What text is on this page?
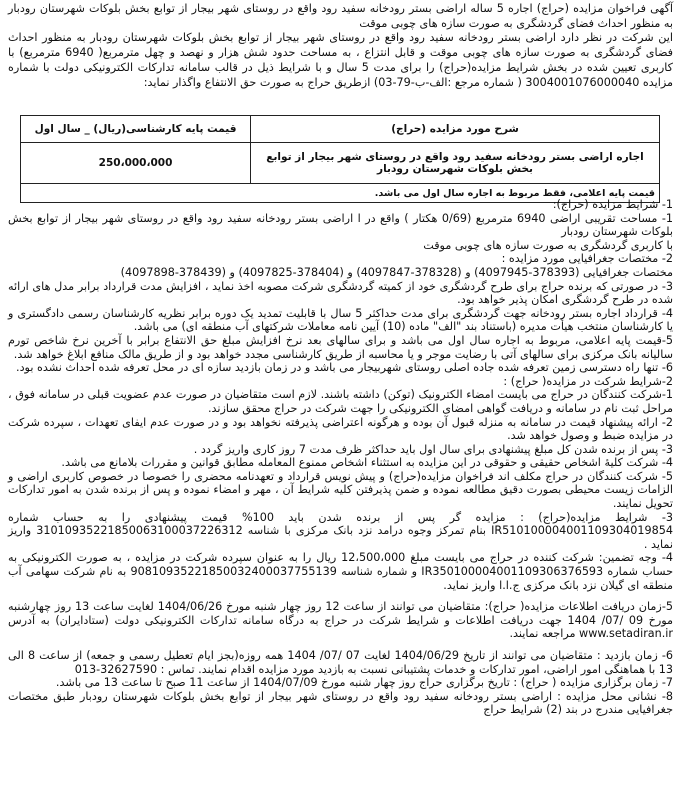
آگهی فراخوان مزایده (حراج) اجاره 5 ساله اراضی بستر رودخانه سفید رود واقع در روستای شهر بیجار از توابع بخش بلوکات شهرستان رودبار به منظور احداث فضای گردشگری به صورت سازه های چوبی موقت

این شرکت در نظر دارد اراضی بستر رودخانه سفید رود واقع در روستای شهر بیجار از توابع بخش بلوکات شهرستان رودبار به منظور احداث فضای گردشگری به صورت سازه های چوبی موقت و قابل انتزاع ، به مساحت حدود شش هزار و نهصد و چهل مترمربع( 6940 مترمربع) با کاربری تعیین شده در بخش شرایط مزایده(حراج) را برای مدت 5 سال و با شرایط ذیل در قالب سامانه تدارکات الکترونیکی دولت با شماره مزایده 3004001076000040 ( شماره مرجع :الف-ب-79-03) ازطریق حراج به صورت حق الانتفاع واگذار نماید:

شرح مورد مزایده (حراج)	قیمت پایه کارشناسی(ریال) _ سال اول
اجاره اراضی بستر رودخانه سفید رود واقع در روستای شهر بیجار از توابع بخش بلوکات شهرستان رودبار	250،000،000
قیمت پایه اعلامی، فقط مربوط به اجاره سال اول می باشد.	

1- شرایط مزایده (حراج):

1- مساحت تقریبی اراضی 6940 مترمربع (0/69 هکتار ) واقع در ا اراضی بستر رودخانه سفید رود واقع در روستای شهر بیجار از توابع بخش بلوکات شهرستان رودبار

با کاربری گردشگری به صورت سازه های چوبی موقت

2- مختصات جغرافیایی مورد مزایده :

مختصات جغرافیایی (378393-4097945) و (378328-4097847) و (378404-4097825) و (378439-4097898)

3- در صورتی که برنده حراج برای طرح گردشگری خود از کمیته گردشگری شرکت مصوبه اخذ نماید ، افزایش مدت قرارداد برابر مدل های ارائه شده در طرح گردشگری امکان پذیر خواهد بود.

4- قرارداد اجاره بستر رودخانه جهت گردشگری برای مدت حداکثر 5 سال با قابلیت تمدید یک دوره برابر نظریه کارشناسان رسمی دادگستری و یا کارشناسان منتخب هیأت مدیره (باستناد بند "الف" ماده (10) آیین نامه معاملات شرکتهای آب منطقه ای) می باشد.

5-قیمت پایه اعلامی، مربوط به اجاره سال اول می باشد و برای سالهای بعد نرخ افزایش مبلغ حق الانتفاع برابر با آخرین نرخ شاخص تورم سالیانه بانک مرکزی برای سالهای آتی با رضایت موجر و یا محاسبه از طریق کارشناسی مجدد خواهد بود و از طریق مالک منافع ابلاغ خواهد شد.

6- تنها راه دسترسی زمین تعرفه شده جاده اصلی روستای شهربیجار می باشد و در زمان بازدید سازه ای در محل تعرفه شده احداث نشده بود.

2-شرایط شرکت در مزایده( حراج) :

1-شرکت کنندگان در حراج می بایست امضاء الکترونیک (توکن) داشته باشند. لازم است متقاضیان در صورت عدم عضویت قبلی در سامانه فوق ، مراحل ثبت نام در سامانه و دریافت گواهی امضای الکترونیکی را جهت شرکت در حراج محقق سازند.

2- ارائه پیشنهاد قیمت در سامانه به منزله قبول آن بوده و هرگونه اعتراضی پذیرفته نخواهد بود و در صورت عدم ایفای تعهدات ، سپرده شرکت در مزایده ضبط و وصول خواهد شد.

3- پس از برنده شدن کل مبلغ پیشنهادی برای سال اول باید حداکثر ظرف مدت 7 روز کاری واریز گردد .

4- شرکت کلیهٔ اشخاص حقیقی و حقوقی در این مزایده به استثناء اشخاص ممنوع المعامله مطابق قوانین و مقررات بلامانع می باشد.

5- شرکت کنندگان در حراج مکلف اند فراخوان مزایده(حراج) و پیش نویس قرارداد و تعهدنامه محضری را خصوصا در خصوص کاربری اراضی و الزامات زیست محیطی بصورت دقیق مطالعه نموده و ضمن پذیرفتن کلیه شرایط آن ، مهر و امضاء نموده و پس از برنده شدن به امور تدارکات تحویل نمایند.

3- شرایط مزایده(حراج) : مزایده گر پس از برنده شدن باید 100% قیمت پیشنهادی را به حساب شماره IR510100004001109304019854 بنام تمرکز وجوه درامد نزد بانک مرکزی با شناسه 310109352218500631000372263‌12 واریز نماید .

4- وجه تضمین: شرکت کننده در حراج می بایست مبلغ 12،500،000 ریال را به عنوان سپرده شرکت در مزایده ، به صورت الکترونیکی به حساب شماره IR350100004001109306376593 و شماره شناسه 908109352218500324000377551‌39 به نام شرکت سهامی آب منطقه ای گیلان نزد بانک مرکزی ج.ا.ا واریز نماید.

5-زمان دریافت اطلاعات مزایده( حراج): متقاضیان می توانند از ساعت 12 روز چهار شنبه مورخ 1404/06/26 لغایت ساعت 13 روز چهارشنبه مورخ 09 /07/ 1404 جهت دریافت اطلاعات و شرایط شرکت در حراج به درگاه سامانه تدارکات الکترونیکی دولت (ستادایران) به آدرس www.setadiran.ir مراجعه نمایند.

6- زمان بازدید : متقاضیان می توانند از تاریخ 1404/06/29 لغایت 07 /07/ 1404 همه روزه(بجز ایام تعطیل رسمی و جمعه) از ساعت 8 الی 13 با هماهنگی امور اراضی، امور تدارکات و خدمات پشتیبانی نسبت به بازدید مورد مزایده اقدام نمایند. تماس : 32627590-013

7- زمان برگزاری مزایده ( حراج) : تاریخ برگزاری حراج روز چهار شنبه مورخ 1404/07/09 از ساعت 11 صبح تا ساعت 13 می باشد.

8- نشانی محل مزایده : اراضی بستر رودخانه سفید رود واقع در روستای شهر بیجار از توابع بخش بلوکات شهرستان رودبار طبق مختصات جغرافیایی مندرج در بند (2) شرایط حراج
